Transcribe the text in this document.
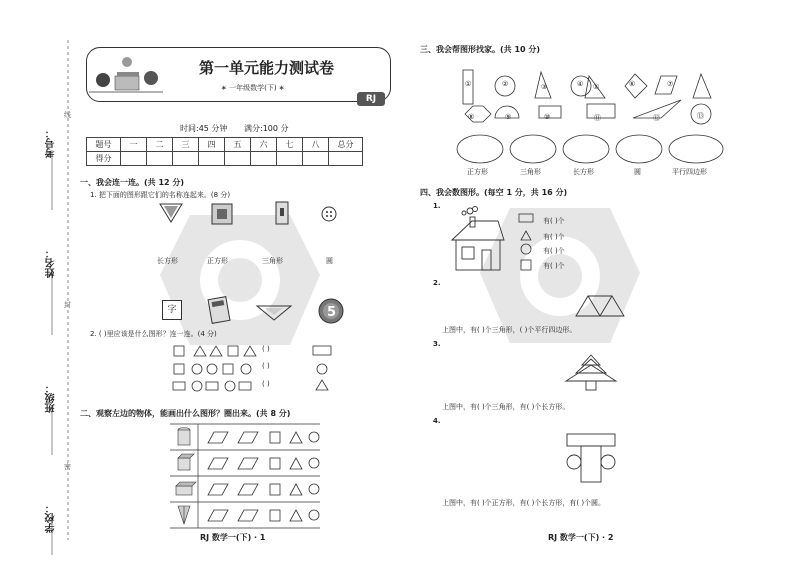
考号：
姓名：
班级：
学校：
线
封
密
第一单元能力测试卷
∗ 一年级数学(下) ∗
RJ
时间:45 分钟 满分:100 分
题号	一	二	三	四	五	六	七	八	总分
得分									
一、我会连一连。(共 12 分)
1. 把下面的图形跟它们的名称连起来。(8 分)
长方形	正方形	三角形	圆
字	5
2. ( )里应该是什么图形？连一连。(4 分)
( )
( )
( )
二、观察左边的物体，能画出什么图形？圈出来。(共 8 分)
RJ 数学一(下) · 1
三、我会帮图形找家。(共 10 分)
①	②	③	④ ⑤	⑥	⑦
⑧	⑨	⑩	⑪	⑫	⑬
正方形	三角形	长方形	圆	平行四边形
四、我会数图形。(每空 1 分，共 16 分)
1.
有( )个
有( )个
有( )个
有( )个
2.
上图中，有( )个三角形，( )个平行四边形。
3.
上图中，有( )个三角形，有( )个长方形。
4.
上图中，有( )个正方形，有( )个长方形，有( )个圆。
RJ 数学一(下) · 2
